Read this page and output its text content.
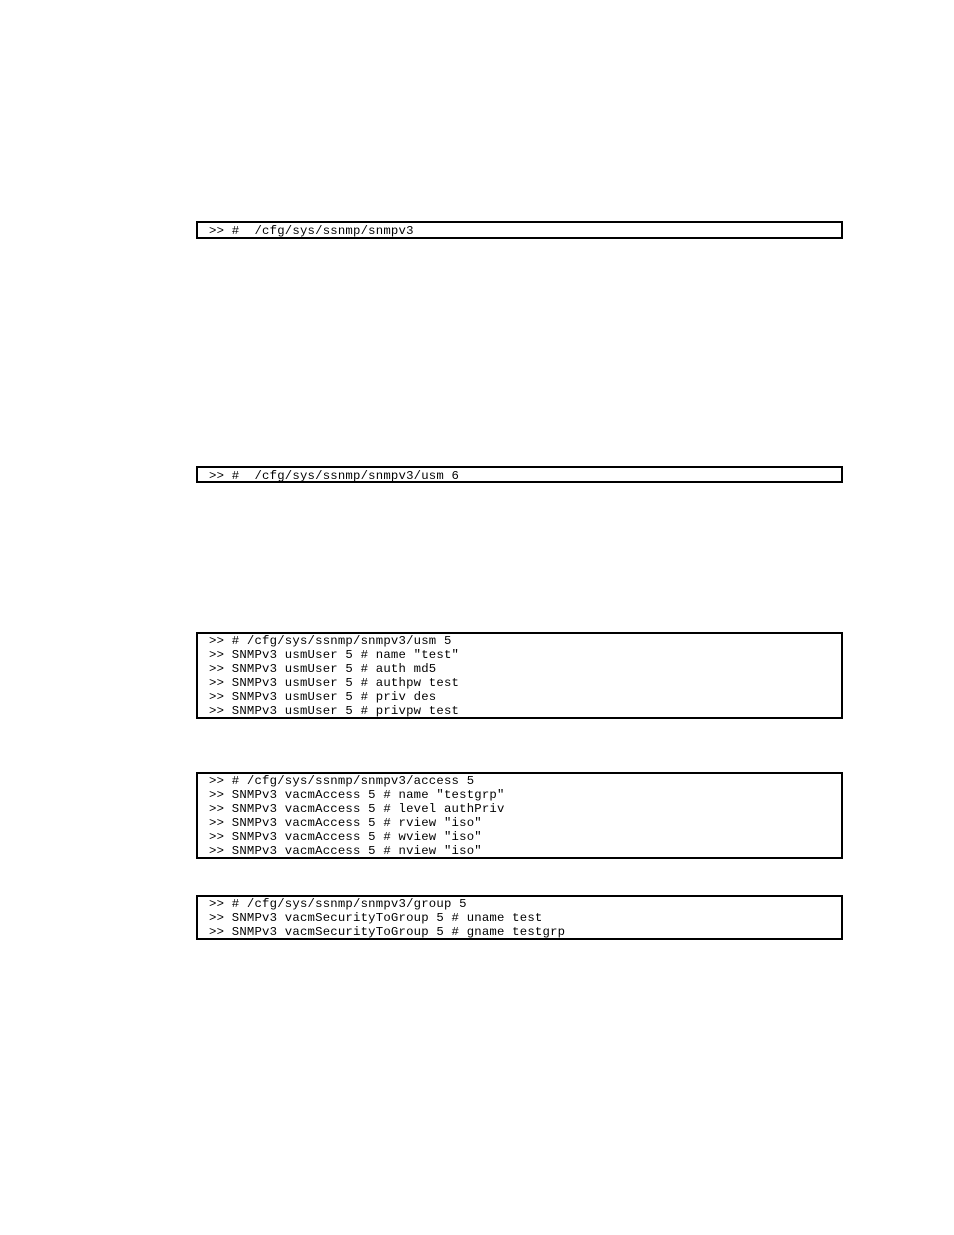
>> #  /cfg/sys/ssnmp/snmpv3
>> #  /cfg/sys/ssnmp/snmpv3/usm 6
>> # /cfg/sys/ssnmp/snmpv3/usm 5
>> SNMPv3 usmUser 5 # name "test"
>> SNMPv3 usmUser 5 # auth md5
>> SNMPv3 usmUser 5 # authpw test
>> SNMPv3 usmUser 5 # priv des
>> SNMPv3 usmUser 5 # privpw test
>> # /cfg/sys/ssnmp/snmpv3/access 5
>> SNMPv3 vacmAccess 5 # name "testgrp"
>> SNMPv3 vacmAccess 5 # level authPriv
>> SNMPv3 vacmAccess 5 # rview "iso"
>> SNMPv3 vacmAccess 5 # wview "iso"
>> SNMPv3 vacmAccess 5 # nview "iso"
>> # /cfg/sys/ssnmp/snmpv3/group 5
>> SNMPv3 vacmSecurityToGroup 5 # uname test
>> SNMPv3 vacmSecurityToGroup 5 # gname testgrp
